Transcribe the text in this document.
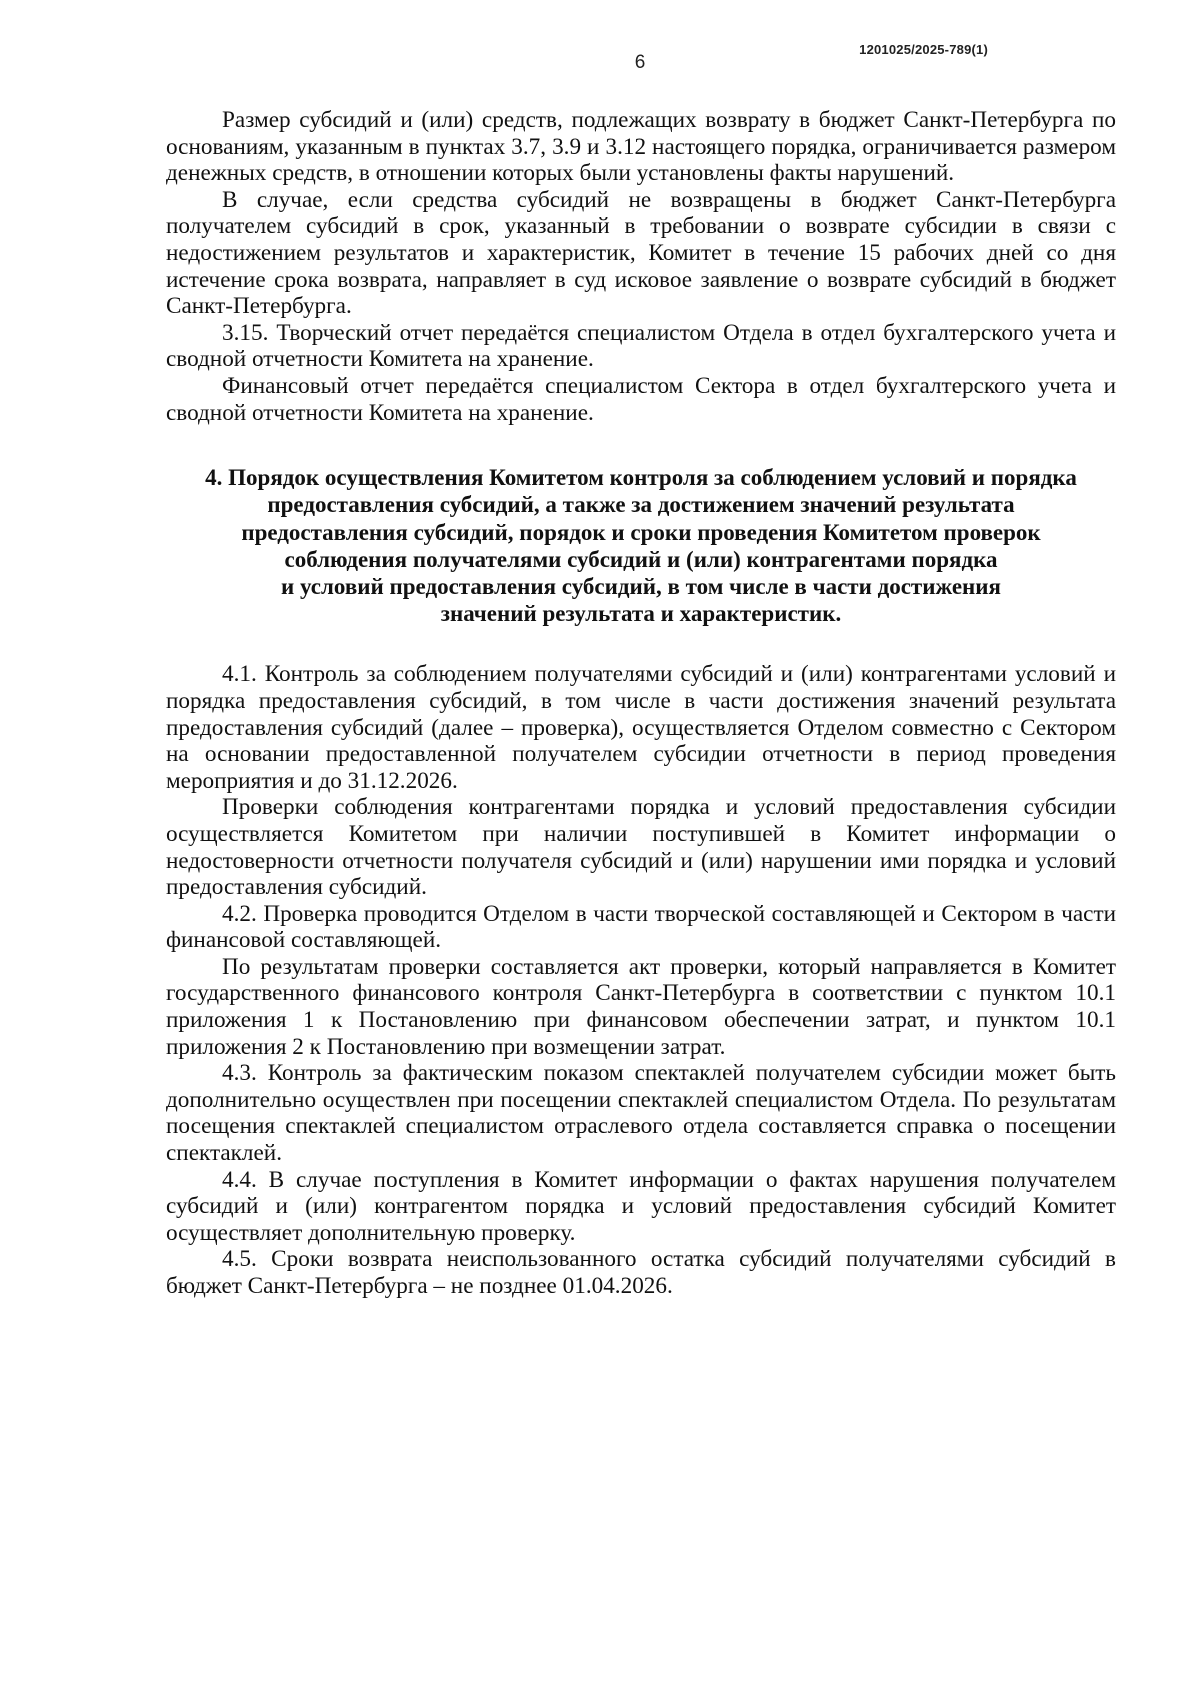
1201025/2025-789(1)
6

Размер субсидий и (или) средств, подлежащих возврату в бюджет Санкт-Петербурга по основаниям, указанным в пунктах 3.7, 3.9 и 3.12 настоящего порядка, ограничивается размером денежных средств, в отношении которых были установлены факты нарушений.

В случае, если средства субсидий не возвращены в бюджет Санкт-Петербурга получателем субсидий в срок, указанный в требовании о возврате субсидии в связи с недостижением результатов и характеристик, Комитет в течение 15 рабочих дней со дня истечение срока возврата, направляет в суд исковое заявление о возврате субсидий в бюджет Санкт-Петербурга.

3.15. Творческий отчет передаётся специалистом Отдела в отдел бухгалтерского учета и сводной отчетности Комитета на хранение.

Финансовый отчет передаётся специалистом Сектора в отдел бухгалтерского учета и сводной отчетности Комитета на хранение.

4. Порядок осуществления Комитетом контроля за соблюдением условий и порядка
предоставления субсидий, а также за достижением значений результата
предоставления субсидий, порядок и сроки проведения Комитетом проверок
соблюдения получателями субсидий и (или) контрагентами порядка
и условий предоставления субсидий, в том числе в части достижения
значений результата и характеристик.

4.1. Контроль за соблюдением получателями субсидий и (или) контрагентами условий и порядка предоставления субсидий, в том числе в части достижения значений результата предоставления субсидий (далее – проверка), осуществляется Отделом совместно с Сектором на основании предоставленной получателем субсидии отчетности в период проведения мероприятия и до 31.12.2026.

Проверки соблюдения контрагентами порядка и условий предоставления субсидии осуществляется Комитетом при наличии поступившей в Комитет информации о недостоверности отчетности получателя субсидий и (или) нарушении ими порядка и условий предоставления субсидий.

4.2. Проверка проводится Отделом в части творческой составляющей и Сектором в части финансовой составляющей.

По результатам проверки составляется акт проверки, который направляется в Комитет государственного финансового контроля Санкт-Петербурга в соответствии с пунктом 10.1 приложения 1 к Постановлению при финансовом обеспечении затрат, и пунктом 10.1 приложения 2 к Постановлению при возмещении затрат.

4.3. Контроль за фактическим показом спектаклей получателем субсидии может быть дополнительно осуществлен при посещении спектаклей специалистом Отдела. По результатам посещения спектаклей специалистом отраслевого отдела составляется справка о посещении спектаклей.

4.4. В случае поступления в Комитет информации о фактах нарушения получателем субсидий и (или) контрагентом порядка и условий предоставления субсидий Комитет осуществляет дополнительную проверку.

4.5. Сроки возврата неиспользованного остатка субсидий получателями субсидий в бюджет Санкт-Петербурга – не позднее 01.04.2026.
